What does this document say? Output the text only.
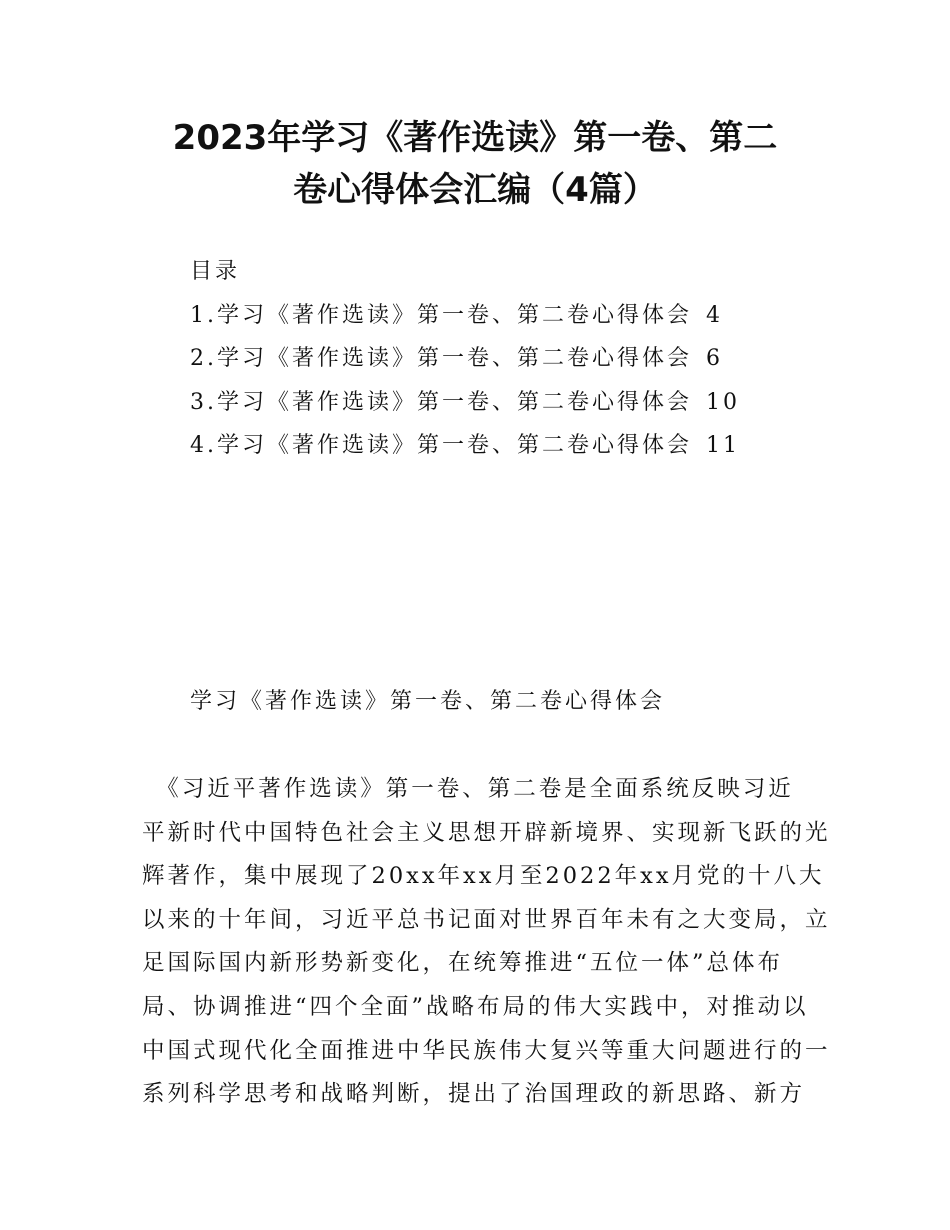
2023年学习《著作选读》第一卷、第二
卷心得体会汇编（4篇）
目录
1.学习《著作选读》第一卷、第二卷心得体会 4
2.学习《著作选读》第一卷、第二卷心得体会 6
3.学习《著作选读》第一卷、第二卷心得体会 10
4.学习《著作选读》第一卷、第二卷心得体会 11
学习《著作选读》第一卷、第二卷心得体会
　《习近平著作选读》第一卷、第二卷是全面系统反映习近
平新时代中国特色社会主义思想开辟新境界、实现新飞跃的光
辉著作，集中展现了20xx年xx月至2022年xx月党的十八大
以来的十年间，习近平总书记面对世界百年未有之大变局，立
足国际国内新形势新变化，在统筹推进“五位一体”总体布
局、协调推进“四个全面”战略布局的伟大实践中，对推动以
中国式现代化全面推进中华民族伟大复兴等重大问题进行的一
系列科学思考和战略判断，提出了治国理政的新思路、新方
